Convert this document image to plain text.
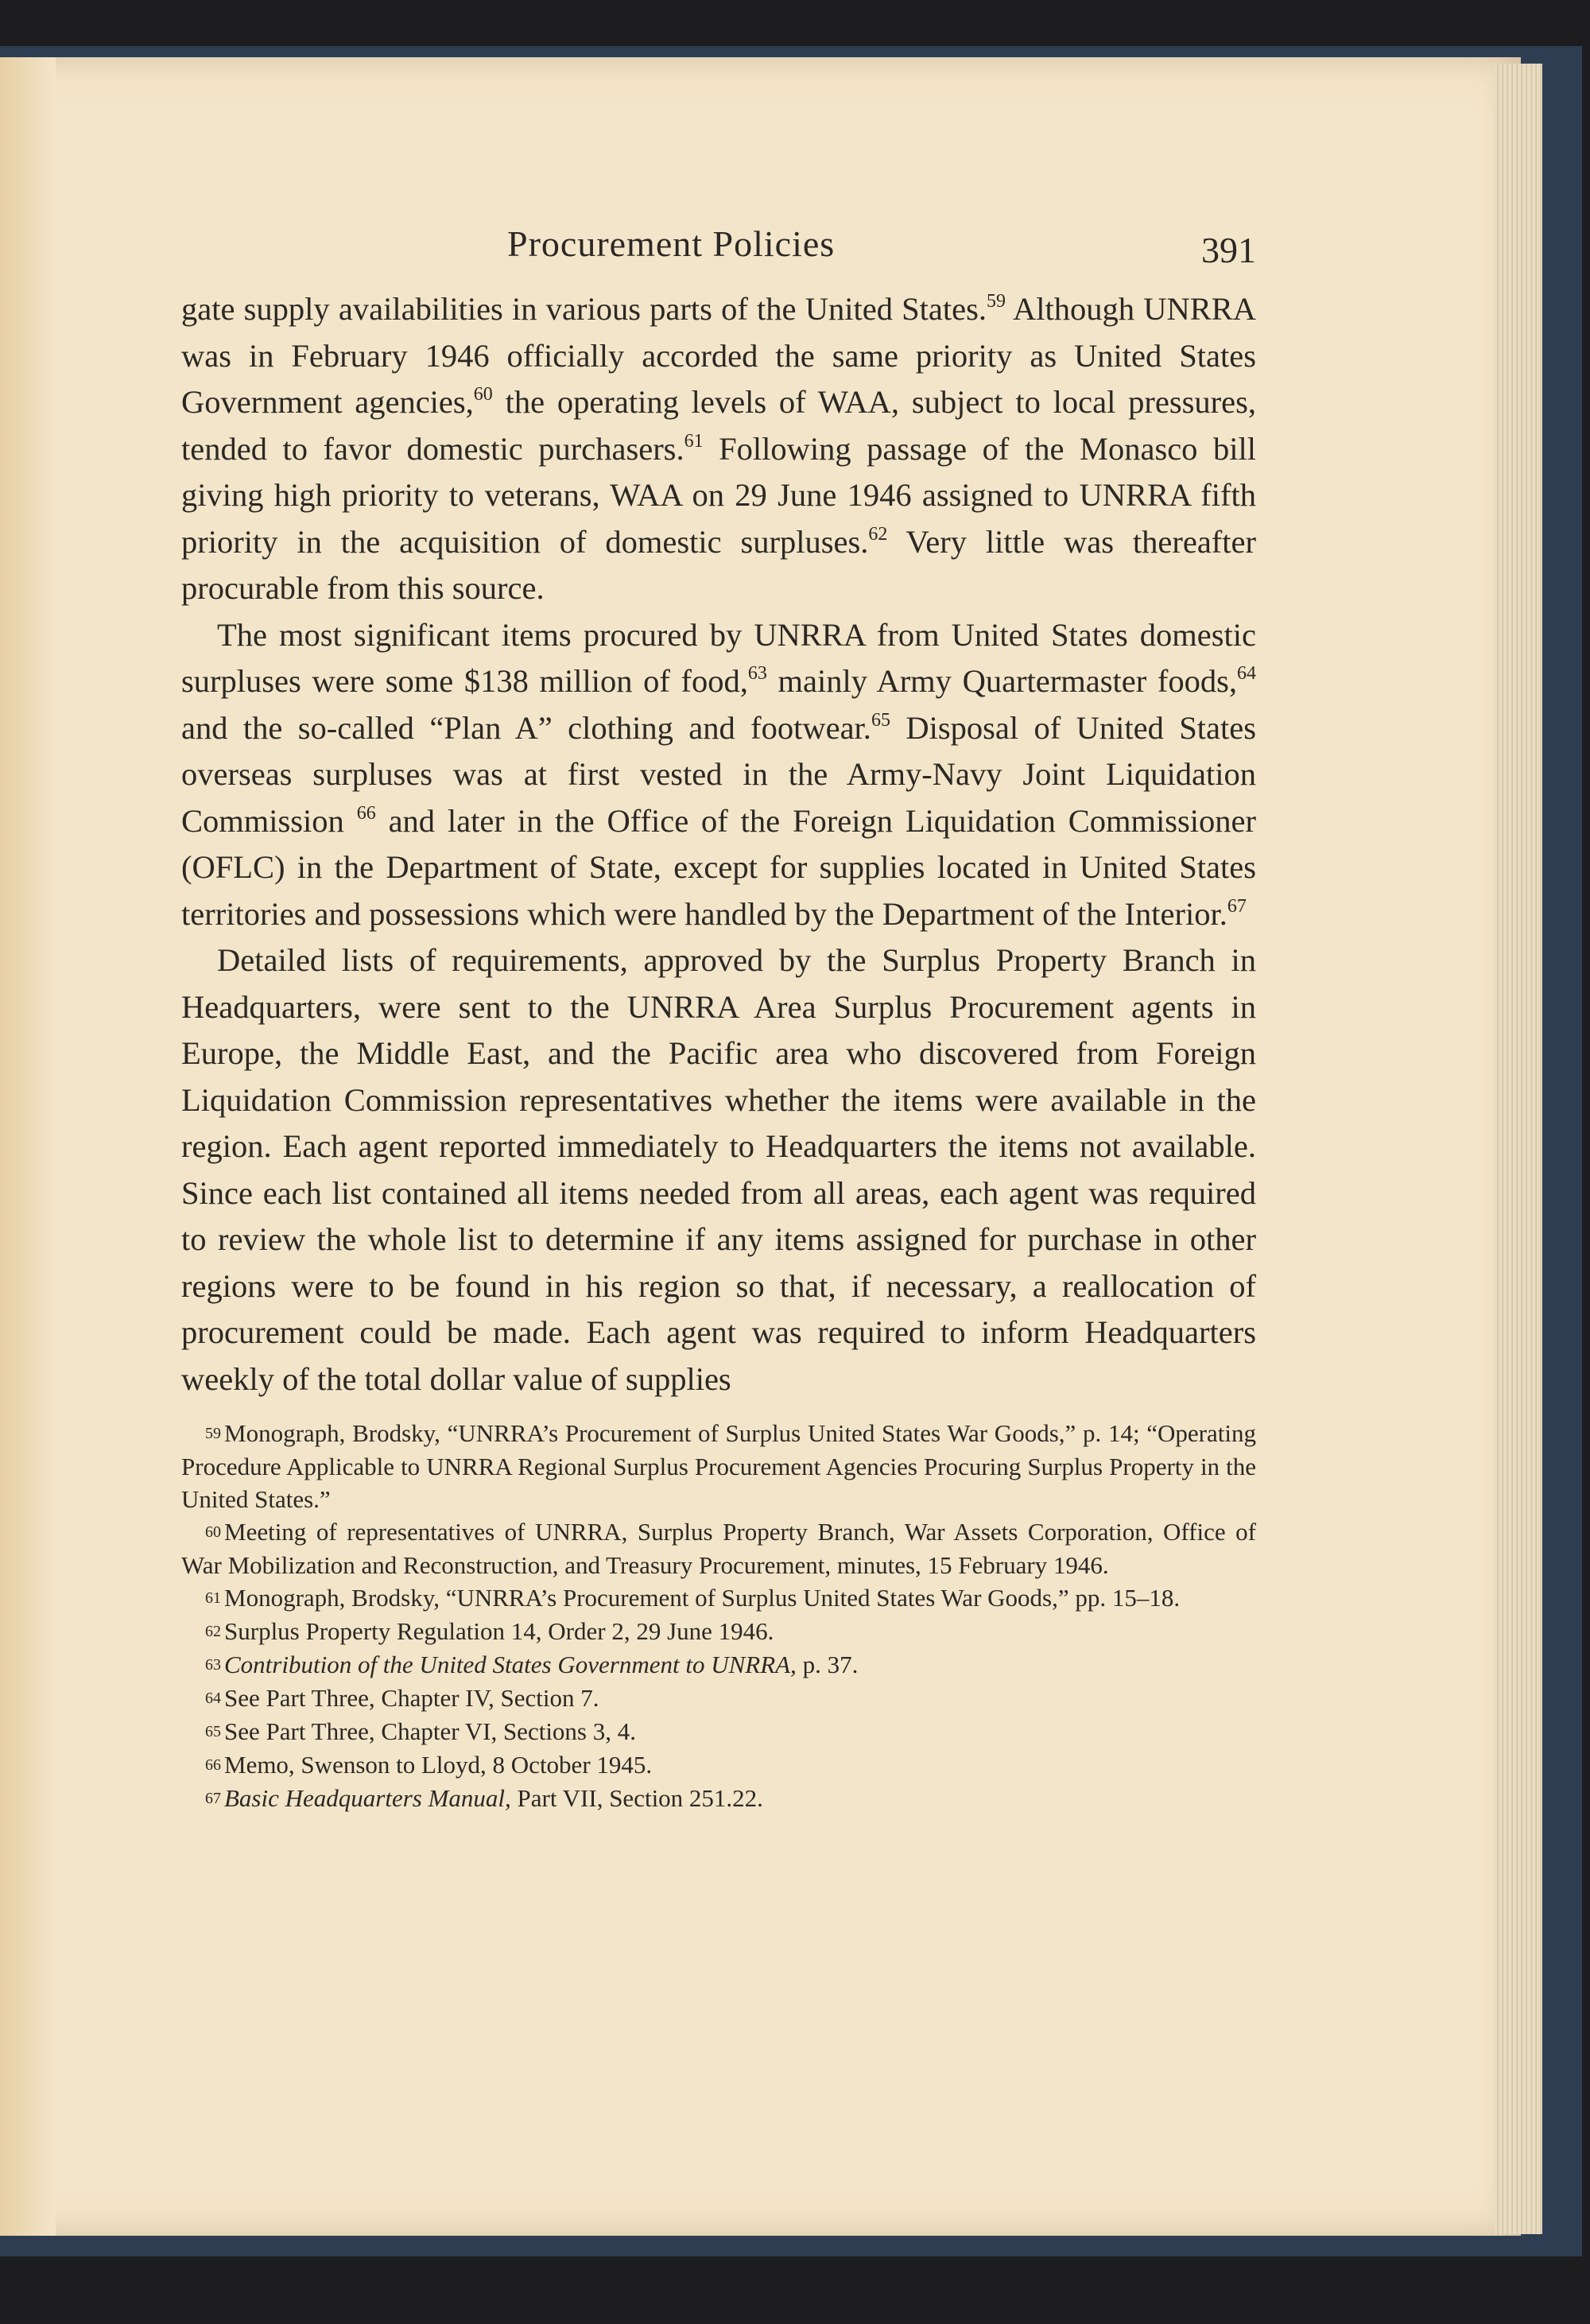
Procurement Policies	391

gate supply availabilities in various parts of the United States.$^{59}$ Although UNRRA was in February 1946 officially accorded the same priority as United States Government agencies,$^{60}$ the operating levels of WAA, subject to local pressures, tended to favor domestic purchasers.$^{61}$ Following passage of the Monasco bill giving high priority to veterans, WAA on 29 June 1946 assigned to UNRRA fifth priority in the acquisition of domestic surpluses.$^{62}$ Very little was thereafter procurable from this source.

The most significant items procured by UNRRA from United States domestic surpluses were some $138 million of food,$^{63}$ mainly Army Quartermaster foods,$^{64}$ and the so-called “Plan A” clothing and footwear.$^{65}$ Disposal of United States overseas surpluses was at first vested in the Army-Navy Joint Liquidation Commission $^{66}$ and later in the Office of the Foreign Liquidation Commissioner (OFLC) in the Department of State, except for supplies located in United States territories and possessions which were handled by the Department of the Interior.$^{67}$

Detailed lists of requirements, approved by the Surplus Property Branch in Headquarters, were sent to the UNRRA Area Surplus Procurement agents in Europe, the Middle East, and the Pacific area who discovered from Foreign Liquidation Commission representatives whether the items were available in the region. Each agent reported immediately to Headquarters the items not available. Since each list contained all items needed from all areas, each agent was required to review the whole list to determine if any items assigned for purchase in other regions were to be found in his region so that, if necessary, a reallocation of procurement could be made. Each agent was required to inform Headquarters weekly of the total dollar value of supplies

59 Monograph, Brodsky, “UNRRA’s Procurement of Surplus United States War Goods,” p. 14; “Operating Procedure Applicable to UNRRA Regional Surplus Procurement Agencies Procuring Surplus Property in the United States.”

60 Meeting of representatives of UNRRA, Surplus Property Branch, War Assets Corporation, Office of War Mobilization and Reconstruction, and Treasury Procurement, minutes, 15 February 1946.

61 Monograph, Brodsky, “UNRRA’s Procurement of Surplus United States War Goods,” pp. 15–18.

62 Surplus Property Regulation 14, Order 2, 29 June 1946.

63 Contribution of the United States Government to UNRRA, p. 37.

64 See Part Three, Chapter IV, Section 7.

65 See Part Three, Chapter VI, Sections 3, 4.

66 Memo, Swenson to Lloyd, 8 October 1945.

67 Basic Headquarters Manual, Part VII, Section 251.22.
